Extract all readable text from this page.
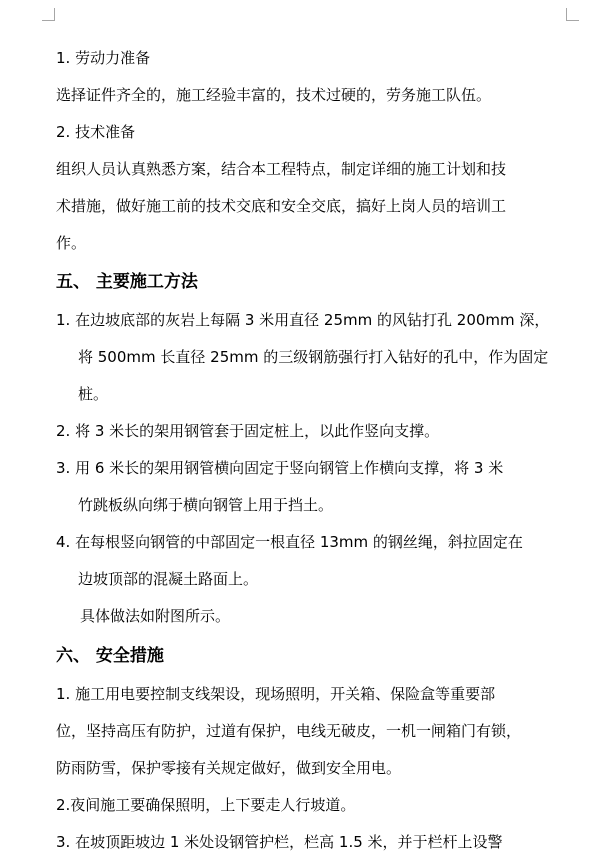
1. 劳动力准备
选择证件齐全的，施工经验丰富的，技术过硬的，劳务施工队伍。
2. 技术准备
组织人员认真熟悉方案，结合本工程特点，制定详细的施工计划和技
术措施，做好施工前的技术交底和安全交底，搞好上岗人员的培训工
作。
五、 主要施工方法
1. 在边坡底部的灰岩上每隔 3 米用直径 25mm 的风钻打孔 200mm 深，
将 500mm 长直径 25mm 的三级钢筋强行打入钻好的孔中，作为固定
桩。
2. 将 3 米长的架用钢管套于固定桩上，以此作竖向支撑。
3. 用 6 米长的架用钢管横向固定于竖向钢管上作横向支撑，将 3 米
竹跳板纵向绑于横向钢管上用于挡土。
4. 在每根竖向钢管的中部固定一根直径 13mm 的钢丝绳，斜拉固定在
边坡顶部的混凝土路面上。
具体做法如附图所示。
六、 安全措施
1. 施工用电要控制支线架设，现场照明，开关箱、保险盒等重要部
位，坚持高压有防护，过道有保护，电线无破皮，一机一闸箱门有锁，
防雨防雪，保护零接有关规定做好，做到安全用电。
2.夜间施工要确保照明，上下要走人行坡道。
3. 在坡顶距坡边 1 米处设钢管护栏，栏高 1.5 米，并于栏杆上设警
